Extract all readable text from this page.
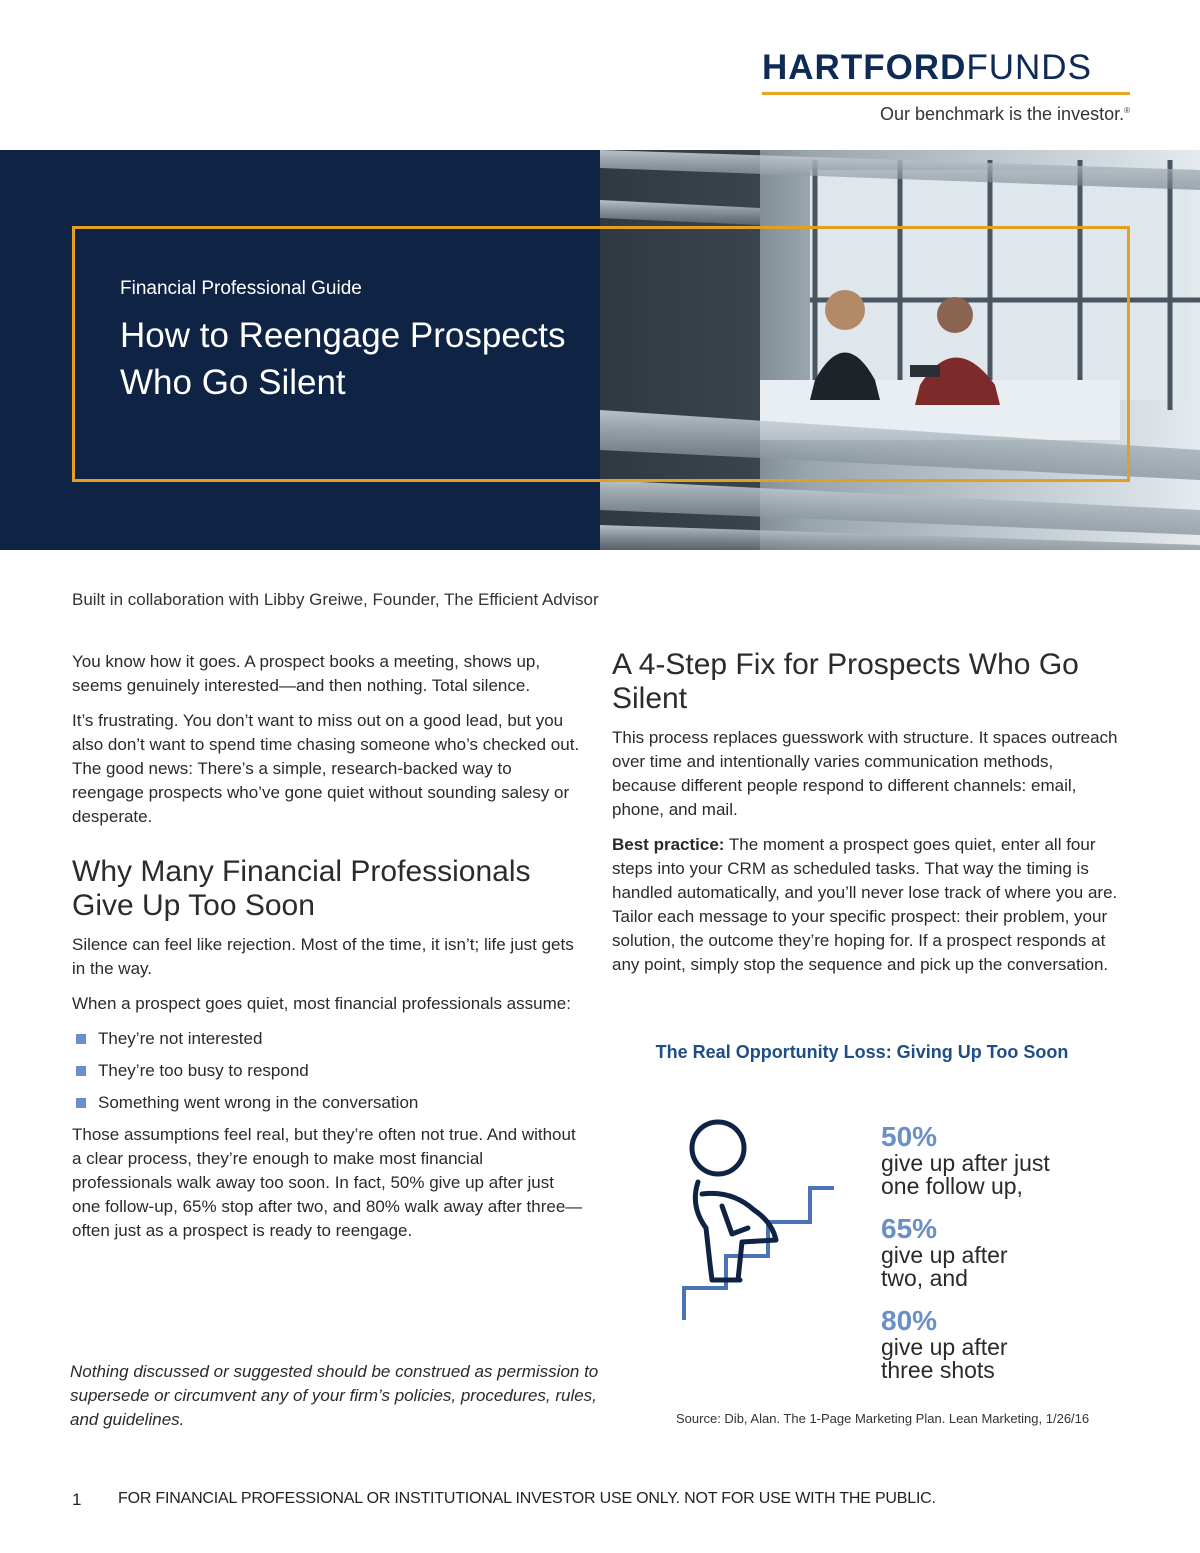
HARTFORDFUNDS
Our benchmark is the investor.®
Financial Professional Guide
How to Reengage Prospects Who Go Silent
Built in collaboration with Libby Greiwe, Founder, The Efficient Advisor

You know how it goes. A prospect books a meeting, shows up, seems genuinely interested—and then nothing. Total silence.

It’s frustrating. You don’t want to miss out on a good lead, but you also don’t want to spend time chasing someone who’s checked out. The good news: There’s a simple, research-backed way to reengage prospects who’ve gone quiet without sounding salesy or desperate.

Why Many Financial Professionals Give Up Too Soon

Silence can feel like rejection. Most of the time, it isn’t; life just gets in the way.

When a prospect goes quiet, most financial professionals assume:

They’re not interested
They’re too busy to respond
Something went wrong in the conversation

Those assumptions feel real, but they’re often not true. And without a clear process, they’re enough to make most financial professionals walk away too soon. In fact, 50% give up after just one follow-up, 65% stop after two, and 80% walk away after three—often just as a prospect is ready to reengage.

Nothing discussed or suggested should be construed as permission to supersede or circumvent any of your firm’s policies, procedures, rules, and guidelines.
A 4-Step Fix for Prospects Who Go Silent

This process replaces guesswork with structure. It spaces outreach over time and intentionally varies communication methods, because different people respond to different channels: email, phone, and mail.

Best practice: The moment a prospect goes quiet, enter all four steps into your CRM as scheduled tasks. That way the timing is handled automatically, and you’ll never lose track of where you are. Tailor each message to your specific prospect: their problem, your solution, the outcome they’re hoping for. If a prospect responds at any point, simply stop the sequence and pick up the conversation.

The Real Opportunity Loss: Giving Up Too Soon
50%
give up after just
one follow up,
65%
give up after
two, and
80%
give up after
three shots
Source: Dib, Alan. The 1-Page Marketing Plan. Lean Marketing, 1/26/16
1 FOR FINANCIAL PROFESSIONAL OR INSTITUTIONAL INVESTOR USE ONLY. NOT FOR USE WITH THE PUBLIC.
